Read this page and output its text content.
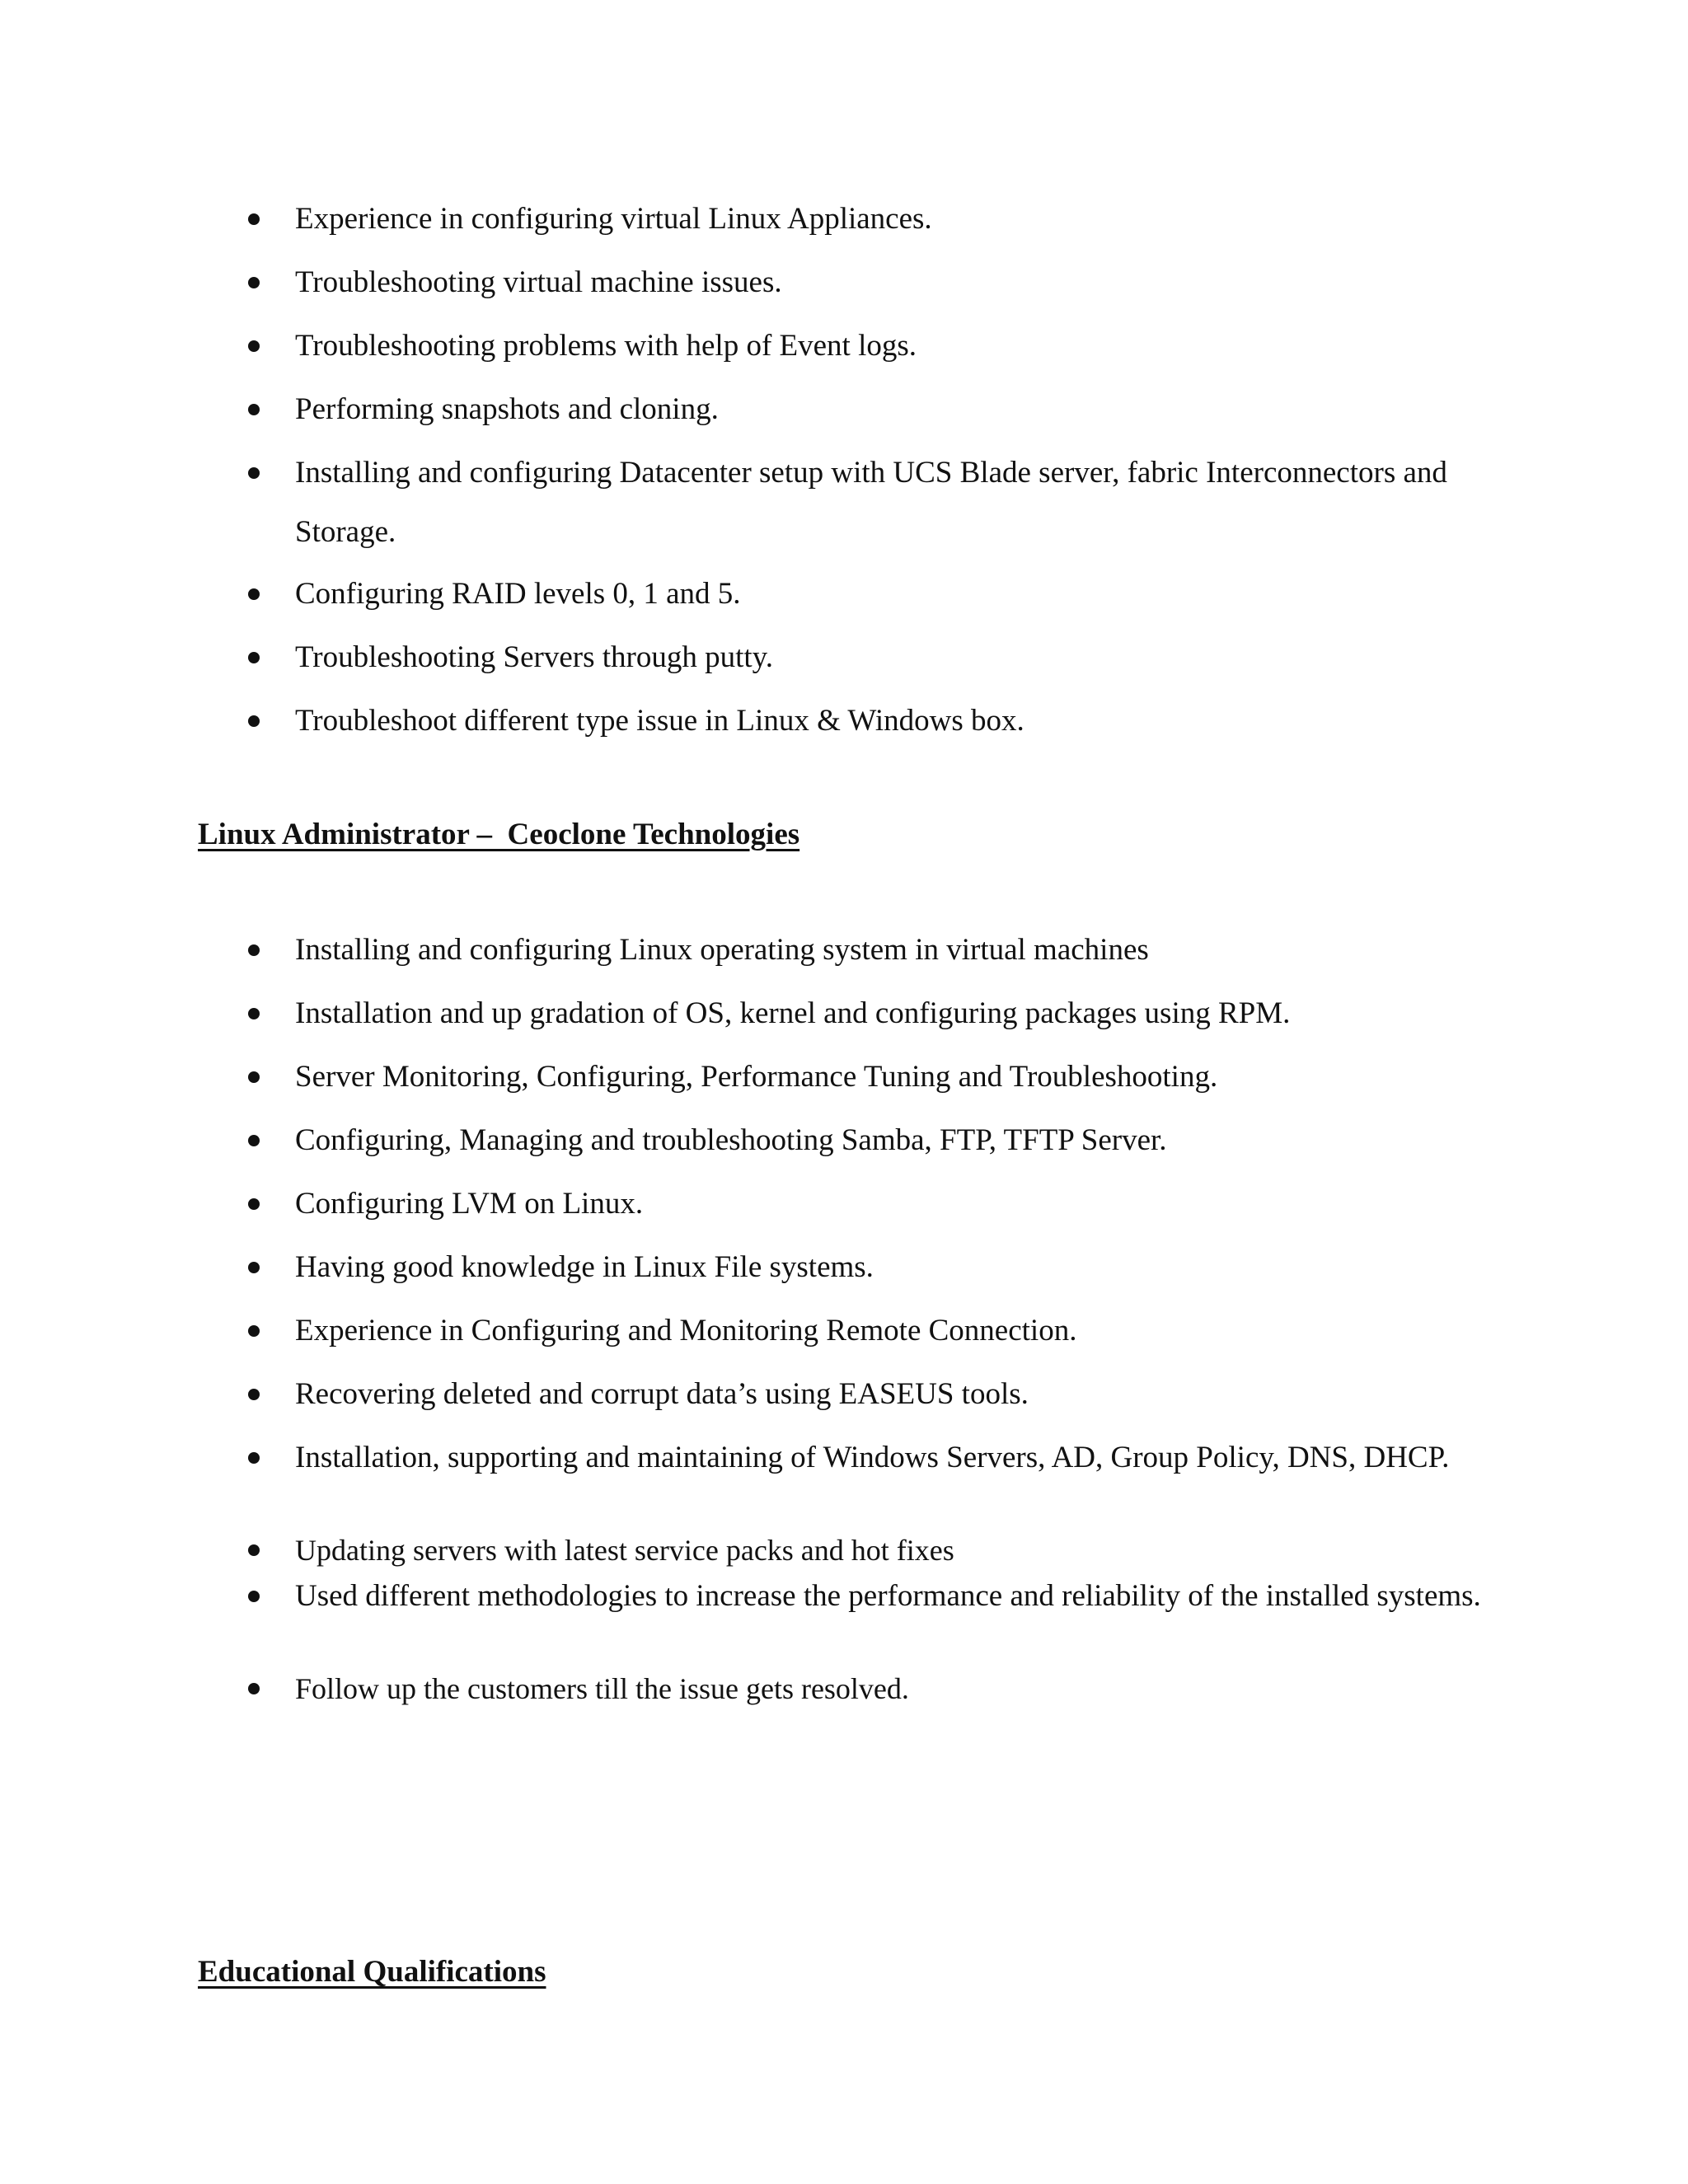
Experience in configuring virtual Linux Appliances.
Troubleshooting virtual machine issues.
Troubleshooting problems with help of Event logs.
Performing snapshots and cloning.
Installing and configuring Datacenter setup with UCS Blade server, fabric Interconnectors and Storage.
Configuring RAID levels 0, 1 and 5.
Troubleshooting Servers through putty.
Troubleshoot different type issue in Linux & Windows box.
Linux Administrator –  Ceoclone Technologies
Installing and configuring Linux operating system in virtual machines
Installation and up gradation of OS, kernel and configuring packages using RPM.
Server Monitoring, Configuring, Performance Tuning and Troubleshooting.
Configuring, Managing and troubleshooting Samba, FTP, TFTP Server.
Configuring LVM on Linux.
Having good knowledge in Linux File systems.
Experience in Configuring and Monitoring Remote Connection.
Recovering deleted and corrupt data’s using EASEUS tools.
Installation, supporting and maintaining of Windows Servers, AD, Group Policy, DNS, DHCP.
Updating servers with latest service packs and hot fixes
Used different methodologies to increase the performance and reliability of the installed systems.
Follow up the customers till the issue gets resolved.
Educational Qualifications
